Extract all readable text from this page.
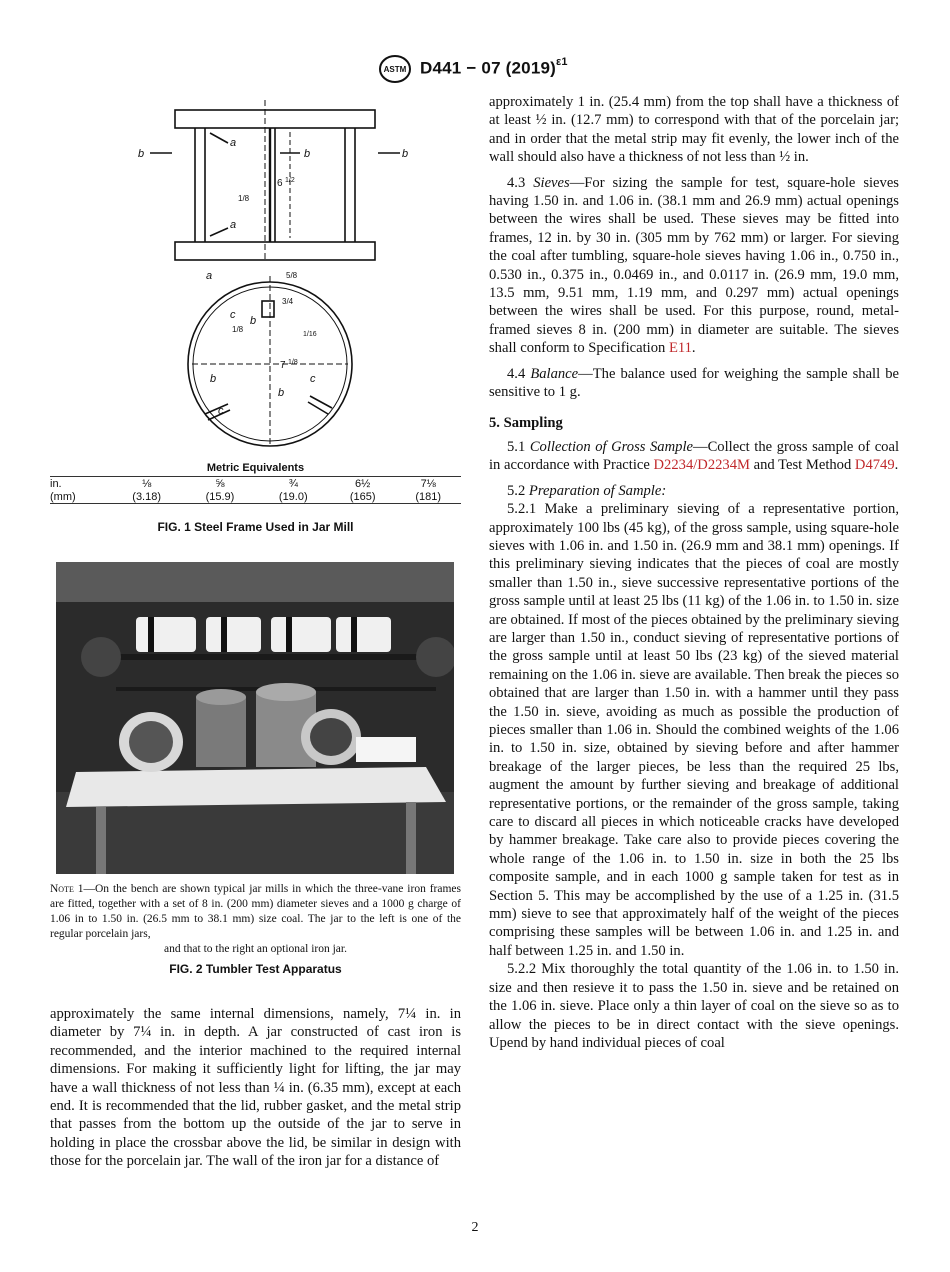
ASTM D441 − 07 $(2019)^{\varepsilon 1}$
a
a
b	b
b
a
c b
b
c
c
b
6 1/2
1/8
3/4
5/8
1/8
7 1/8
1/16
Metric Equivalents
in.	⅛	⅝	¾	6½	7⅛
(mm)	(3.18)	(15.9)	(19.0)	(165)	(181)
FIG. 1 Steel Frame Used in Jar Mill
Note 1—On the bench are shown typical jar mills in which the three-vane iron frames are fitted, together with a set of 8 in. (200 mm) diameter sieves and a 1000 g charge of 1.06 in to 1.50 in. (26.5 mm to 38.1 mm) size coal. The jar to the left is one of the regular porcelain jars,
and that to the right an optional iron jar.
FIG. 2 Tumbler Test Apparatus

approximately the same internal dimensions, namely, 7¼ in. in diameter by 7¼ in. in depth. A jar constructed of cast iron is recommended, and the interior machined to the required internal dimensions. For making it sufficiently light for lifting, the jar may have a wall thickness of not less than ¼ in. (6.35 mm), except at each end. It is recommended that the lid, rubber gasket, and the metal strip that passes from the bottom up the outside of the jar to serve in holding in place the crossbar above the lid, be similar in design with those for the porcelain jar. The wall of the iron jar for a distance of

approximately 1 in. (25.4 mm) from the top shall have a thickness of at least ½ in. (12.7 mm) to correspond with that of the porcelain jar; and in order that the metal strip may fit evenly, the lower inch of the wall should also have a thickness of not less than ½ in.

4.3 Sieves—For sizing the sample for test, square-hole sieves having 1.50 in. and 1.06 in. (38.1 mm and 26.9 mm) actual openings between the wires shall be used. These sieves may be fitted into frames, 12 in. by 30 in. (305 mm by 762 mm) or larger. For sieving the coal after tumbling, square-hole sieves having 1.06 in., 0.750 in., 0.530 in., 0.375 in., 0.0469 in., and 0.0117 in. (26.9 mm, 19.0 mm, 13.5 mm, 9.51 mm, 1.19 mm, and 0.297 mm) actual openings between the wires shall be used. For this purpose, round, metal-framed sieves 8 in. (200 mm) in diameter are suitable. The sieves shall conform to Specification E11.

4.4 Balance—The balance used for weighing the sample shall be sensitive to 1 g.

5. Sampling

5.1 Collection of Gross Sample—Collect the gross sample of coal in accordance with Practice D2234/D2234M and Test Method D4749.

5.2 Preparation of Sample:

5.2.1 Make a preliminary sieving of a representative portion, approximately 100 lbs (45 kg), of the gross sample, using square-hole sieves with 1.06 in. and 1.50 in. (26.9 mm and 38.1 mm) openings. If this preliminary sieving indicates that the pieces of coal are mostly smaller than 1.50 in., sieve successive representative portions of the gross sample until at least 25 lbs (11 kg) of the 1.06 in. to 1.50 in. size are obtained. If most of the pieces obtained by the preliminary sieving are larger than 1.50 in., conduct sieving of representative portions of the gross sample until at least 50 lbs (23 kg) of the sieved material remaining on the 1.06 in. sieve are available. Then break the pieces so obtained that are larger than 1.50 in. with a hammer until they pass the 1.50 in. sieve, avoiding as much as possible the production of pieces smaller than 1.06 in. Should the combined weights of the 1.06 in. to 1.50 in. size, obtained by sieving before and after hammer breakage of the larger pieces, be less than the required 25 lbs, augment the amount by further sieving and breakage of additional representative portions, or the remainder of the gross sample, taking care to discard all pieces in which noticeable cracks have developed by hammer breakage. Take care also to provide pieces covering the whole range of the 1.06 in. to 1.50 in. size in both the 25 lbs composite sample, and in each 1000 g sample taken for test as in Section 5. This may be accomplished by the use of a 1.25 in. (31.5 mm) sieve to see that approximately half of the weight of the pieces comprising these samples will be between 1.06 in. and 1.25 in. and half between 1.25 in. and 1.50 in.

5.2.2 Mix thoroughly the total quantity of the 1.06 in. to 1.50 in. size and then resieve it to pass the 1.50 in. sieve and be retained on the 1.06 in. sieve. Place only a thin layer of coal on the sieve so as to allow the pieces to be in direct contact with the sieve openings. Upend by hand individual pieces of coal

2
